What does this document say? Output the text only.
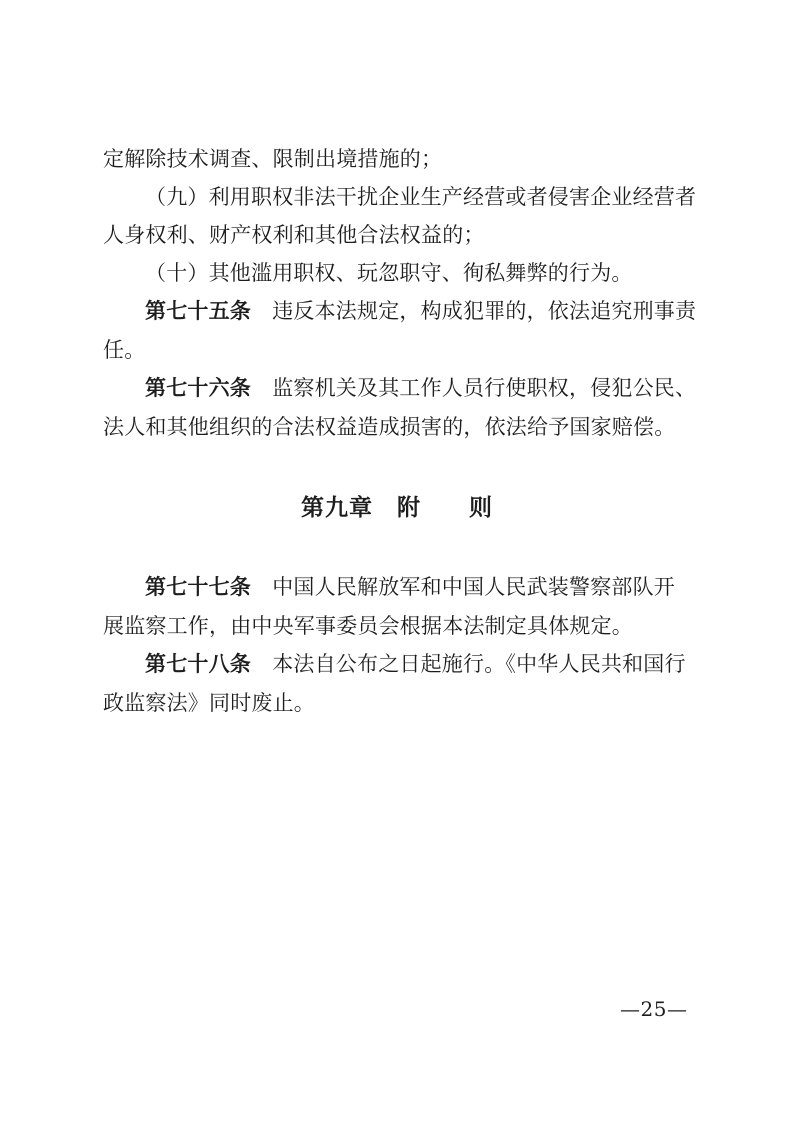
定解除技术调查、限制出境措施的；
（九）利用职权非法干扰企业生产经营或者侵害企业经营者
人身权利、财产权利和其他合法权益的；
（十）其他滥用职权、玩忽职守、徇私舞弊的行为。
第七十五条　违反本法规定，构成犯罪的，依法追究刑事责
任。
第七十六条　监察机关及其工作人员行使职权，侵犯公民、
法人和其他组织的合法权益造成损害的，依法给予国家赔偿。
第九章　附　　则
第七十七条　中国人民解放军和中国人民武装警察部队开
展监察工作，由中央军事委员会根据本法制定具体规定。
第七十八条　本法自公布之日起施行。《中华人民共和国行
政监察法》同时废止。
—25—
